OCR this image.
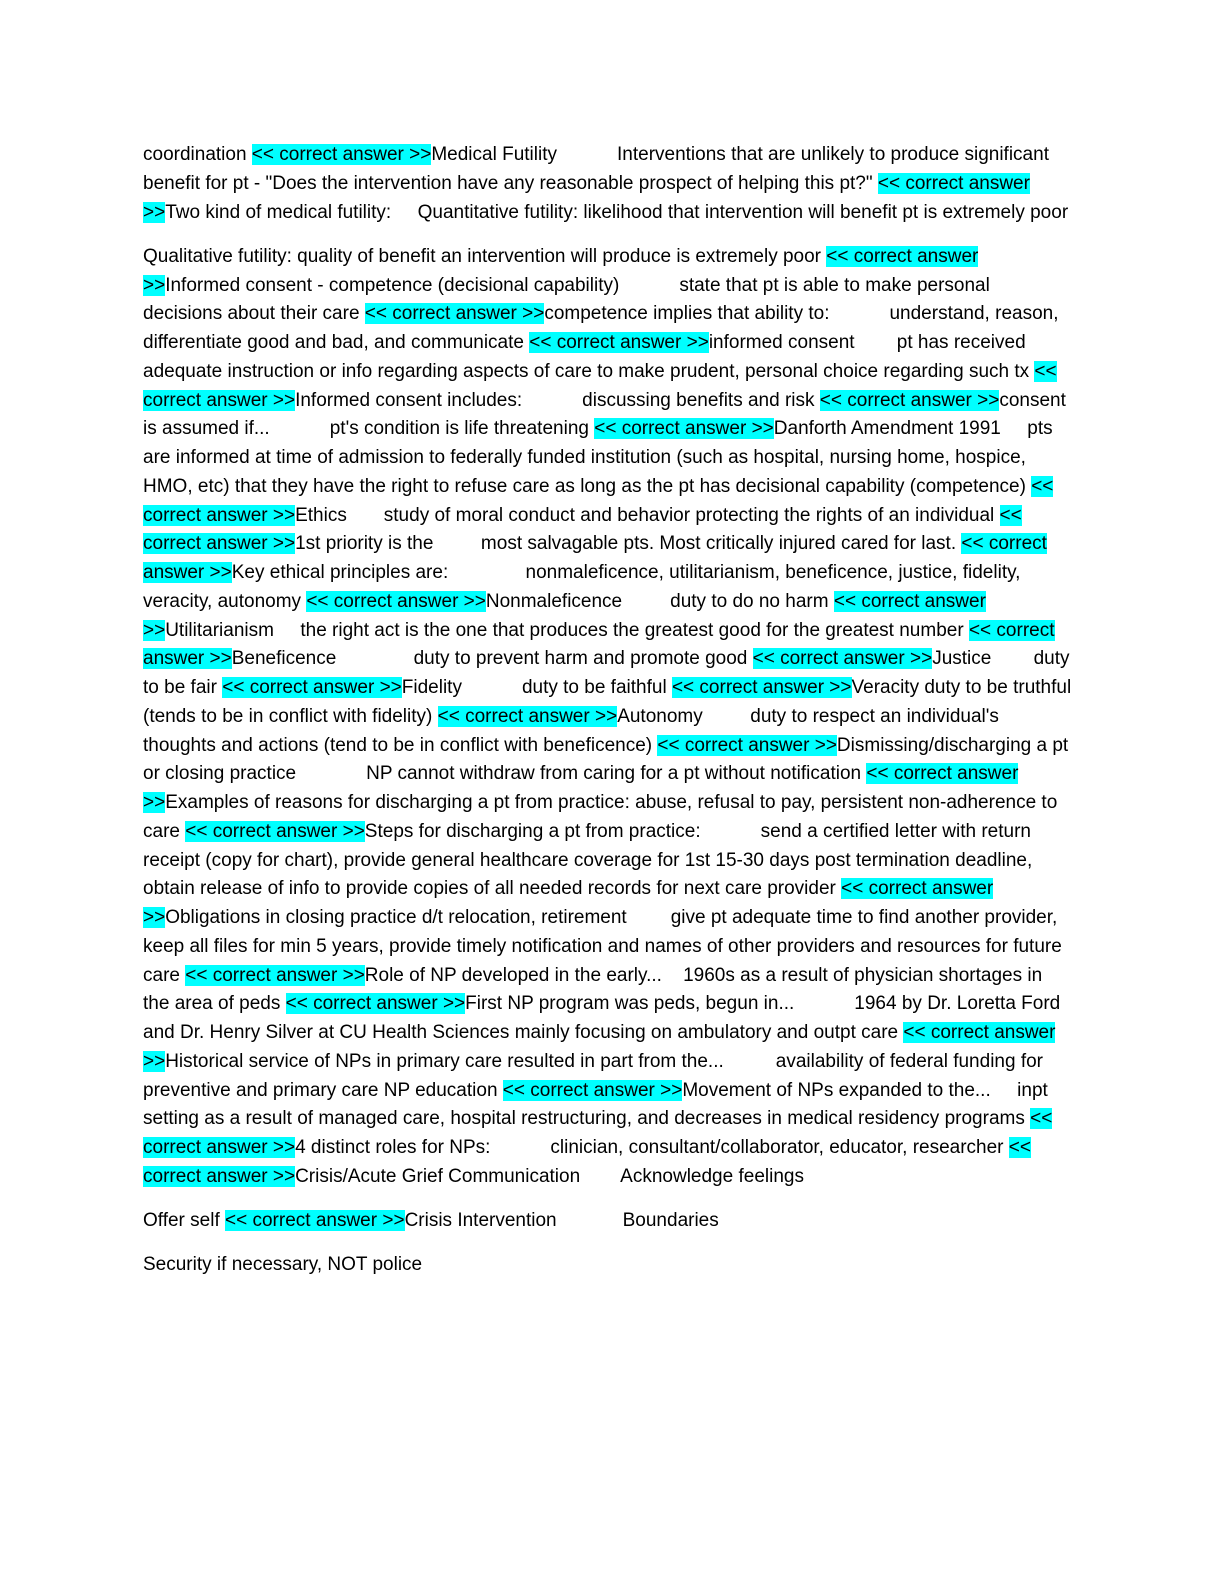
coordination << correct answer >>Medical Futility	Interventions that are unlikely to produce significant benefit for pt - "Does the intervention have any reasonable prospect of helping this pt?" << correct answer >>Two kind of medical futility: Quantitative futility: likelihood that intervention will benefit pt is extremely poor

Qualitative futility: quality of benefit an intervention will produce is extremely poor << correct answer >>Informed consent - competence (decisional capability)	state that pt is able to make personal decisions about their care << correct answer >>competence implies that ability to:	understand, reason, differentiate good and bad, and communicate << correct answer >>informed consent pt has received adequate instruction or info regarding aspects of care to make prudent, personal choice regarding such tx << correct answer >>Informed consent includes:	discussing benefits and risk << correct answer >>consent is assumed if...	pt's condition is life threatening << correct answer >>Danforth Amendment 1991 pts are informed at time of admission to federally funded institution (such as hospital, nursing home, hospice, HMO, etc) that they have the right to refuse care as long as the pt has decisional capability (competence) << correct answer >>Ethics study of moral conduct and behavior protecting the rights of an individual << correct answer >>1st priority is the	most salvagable pts. Most critically injured cared for last. << correct answer >>Key ethical principles are:	nonmaleficence, utilitarianism, beneficence, justice, fidelity, veracity, autonomy << correct answer >>Nonmaleficence	duty to do no harm << correct answer >>Utilitarianism the right act is the one that produces the greatest good for the greatest number << correct answer >>Beneficence	duty to prevent harm and promote good << correct answer >>Justice duty to be fair << correct answer >>Fidelity	duty to be faithful << correct answer >>Veracity duty to be truthful (tends to be in conflict with fidelity) << correct answer >>Autonomy	duty to respect an individual's thoughts and actions (tend to be in conflict with beneficence) << correct answer >>Dismissing/discharging a pt or closing practice	NP cannot withdraw from caring for a pt without notification << correct answer >>Examples of reasons for discharging a pt from practice: abuse, refusal to pay, persistent non-adherence to care << correct answer >>Steps for discharging a pt from practice:	send a certified letter with return receipt (copy for chart), provide general healthcare coverage for 1st 15-30 days post termination deadline, obtain release of info to provide copies of all needed records for next care provider << correct answer >>Obligations in closing practice d/t relocation, retirement give pt adequate time to find another provider, keep all files for min 5 years, provide timely notification and names of other providers and resources for future care << correct answer >>Role of NP developed in the early... 1960s as a result of physician shortages in the area of peds << correct answer >>First NP program was peds, begun in...	1964 by Dr. Loretta Ford and Dr. Henry Silver at CU Health Sciences mainly focusing on ambulatory and outpt care << correct answer >>Historical service of NPs in primary care resulted in part from the...	availability of federal funding for preventive and primary care NP education << correct answer >>Movement of NPs expanded to the... inpt setting as a result of managed care, hospital restructuring, and decreases in medical residency programs << correct answer >>4 distinct roles for NPs:	clinician, consultant/collaborator, educator, researcher << correct answer >>Crisis/Acute Grief Communication Acknowledge feelings

Offer self << correct answer >>Crisis Intervention	Boundaries

Security if necessary, NOT police
